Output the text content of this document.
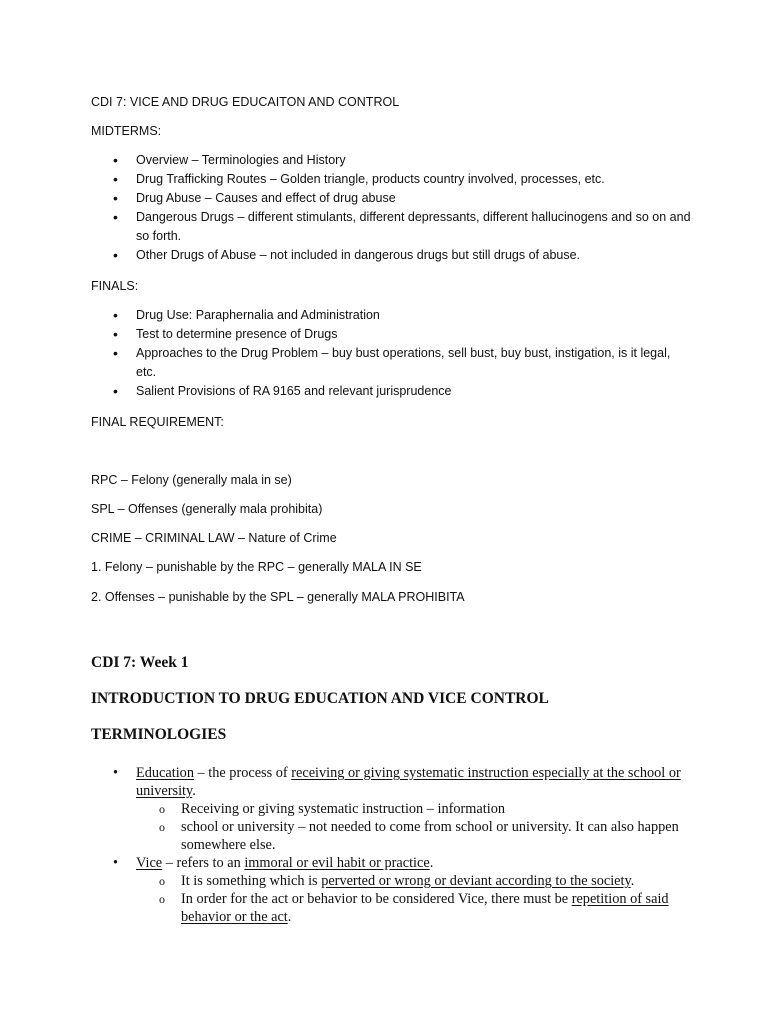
CDI 7: VICE AND DRUG EDUCAITON AND CONTROL

MIDTERMS:

• Overview – Terminologies and History
• Drug Trafficking Routes – Golden triangle, products country involved, processes, etc.
• Drug Abuse – Causes and effect of drug abuse
• Dangerous Drugs – different stimulants, different depressants, different hallucinogens and so on and so forth.
• Other Drugs of Abuse – not included in dangerous drugs but still drugs of abuse.

FINALS:

• Drug Use: Paraphernalia and Administration
• Test to determine presence of Drugs
• Approaches to the Drug Problem – buy bust operations, sell bust, buy bust, instigation, is it legal, etc.
• Salient Provisions of RA 9165 and relevant jurisprudence

FINAL REQUIREMENT:

RPC – Felony (generally mala in se)

SPL – Offenses (generally mala prohibita)

CRIME – CRIMINAL LAW – Nature of Crime

1. Felony – punishable by the RPC – generally MALA IN SE

2. Offenses – punishable by the SPL – generally MALA PROHIBITA

CDI 7: Week 1

INTRODUCTION TO DRUG EDUCATION AND VICE CONTROL

TERMINOLOGIES

• Education – the process of receiving or giving systematic instruction especially at the school or university.
o Receiving or giving systematic instruction – information
o school or university – not needed to come from school or university. It can also happen somewhere else.
• Vice – refers to an immoral or evil habit or practice.
o It is something which is perverted or wrong or deviant according to the society.
o In order for the act or behavior to be considered Vice, there must be repetition of said behavior or the act.
